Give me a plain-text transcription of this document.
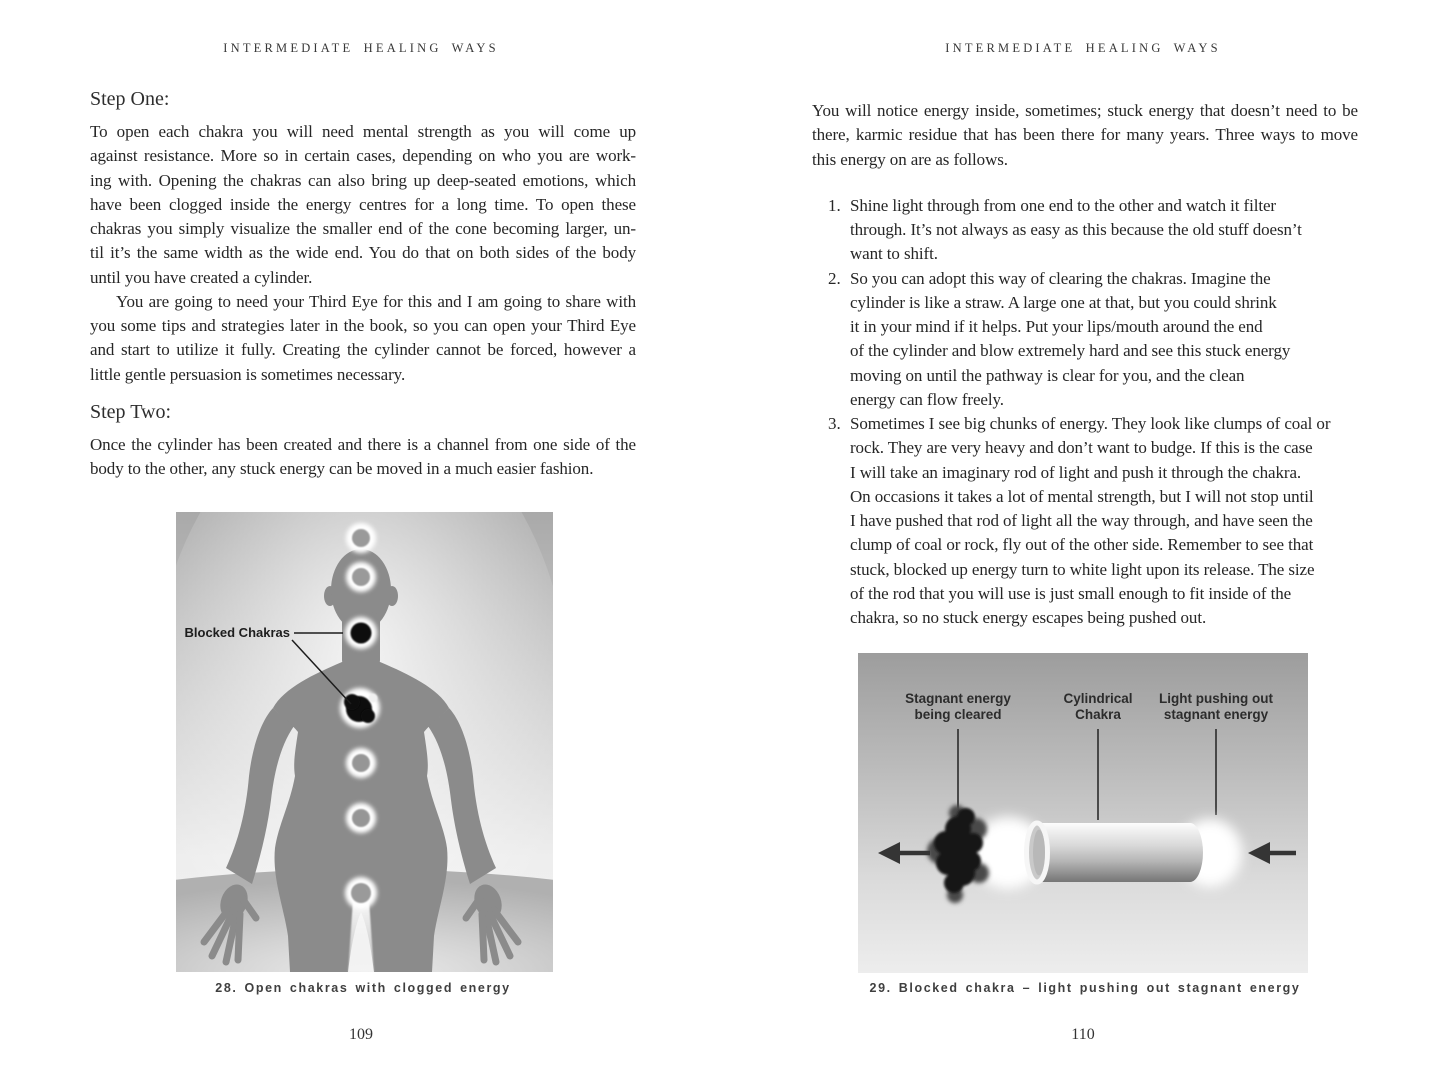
INTERMEDIATE HEALING WAYS
Step One:
To open each chakra you will need mental strength as you will come up
against resistance. More so in certain cases, depending on who you are work-
ing with. Opening the chakras can also bring up deep-seated emotions, which
have been clogged inside the energy centres for a long time. To open these
chakras you simply visualize the smaller end of the cone becoming larger, un-
til it’s the same width as the wide end. You do that on both sides of the body
until you have created a cylinder.
You are going to need your Third Eye for this and I am going to share with
you some tips and strategies later in the book, so you can open your Third Eye
and start to utilize it fully. Creating the cylinder cannot be forced, however a
little gentle persuasion is sometimes necessary.
Step Two:
Once the cylinder has been created and there is a channel from one side of the
body to the other, any stuck energy can be moved in a much easier fashion.
Blocked Chakras
28. Open chakras with clogged energy
109
INTERMEDIATE HEALING WAYS
You will notice energy inside, sometimes; stuck energy that doesn’t need to be
there, karmic residue that has been there for many years. Three ways to move
this energy on are as follows.
1. Shine light through from one end to the other and watch it filter
through. It’s not always as easy as this because the old stuff doesn’t
want to shift.
2. So you can adopt this way of clearing the chakras. Imagine the
cylinder is like a straw. A large one at that, but you could shrink
it in your mind if it helps. Put your lips/mouth around the end
of the cylinder and blow extremely hard and see this stuck energy
moving on until the pathway is clear for you, and the clean
energy can flow freely.
3. Sometimes I see big chunks of energy. They look like clumps of coal or
rock. They are very heavy and don’t want to budge. If this is the case
I will take an imaginary rod of light and push it through the chakra.
On occasions it takes a lot of mental strength, but I will not stop until
I have pushed that rod of light all the way through, and have seen the
clump of coal or rock, fly out of the other side. Remember to see that
stuck, blocked up energy turn to white light upon its release. The size
of the rod that you will use is just small enough to fit inside of the
chakra, so no stuck energy escapes being pushed out.
Stagnant energy
being cleared
Cylindrical
Chakra
Light pushing out
stagnant energy
29. Blocked chakra – light pushing out stagnant energy
110
